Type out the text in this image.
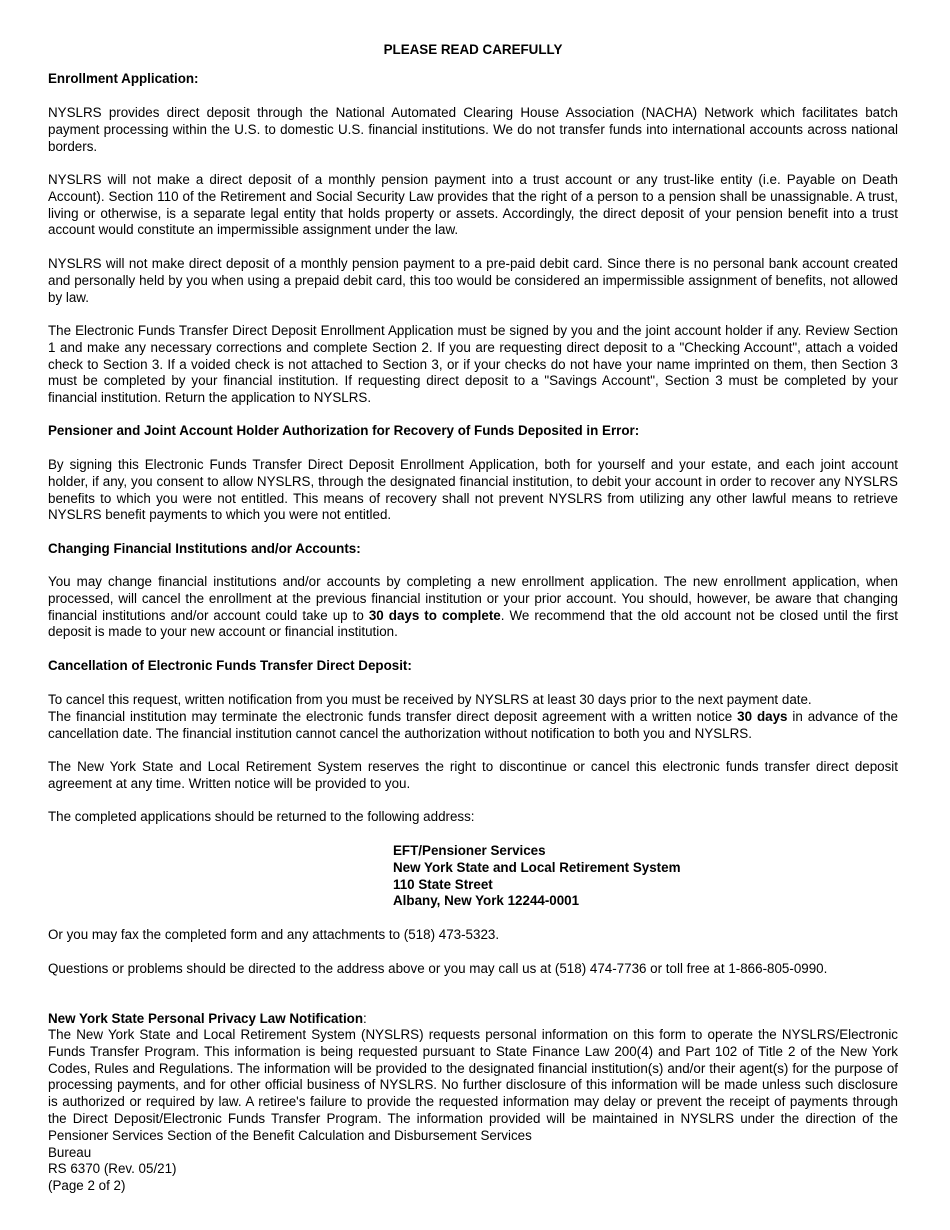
PLEASE READ CAREFULLY
Enrollment Application:
NYSLRS provides direct deposit through the National Automated Clearing House Association (NACHA) Network which facilitates batch payment processing within the U.S. to domestic U.S. financial institutions. We do not transfer funds into international accounts across national borders.
NYSLRS will not make a direct deposit of a monthly pension payment into a trust account or any trust-like entity (i.e. Payable on Death Account). Section 110 of the Retirement and Social Security Law provides that the right of a person to a pension shall be unassignable. A trust, living or otherwise, is a separate legal entity that holds property or assets. Accordingly, the direct deposit of your pension benefit into a trust account would constitute an impermissible assignment under the law.
NYSLRS will not make direct deposit of a monthly pension payment to a pre-paid debit card. Since there is no personal bank account created and personally held by you when using a prepaid debit card, this too would be considered an impermissible assignment of benefits, not allowed by law.
The Electronic Funds Transfer Direct Deposit Enrollment Application must be signed by you and the joint account holder if any. Review Section 1 and make any necessary corrections and complete Section 2. If you are requesting direct deposit to a "Checking Account", attach a voided check to Section 3. If a voided check is not attached to Section 3, or if your checks do not have your name imprinted on them, then Section 3 must be completed by your financial institution. If requesting direct deposit to a "Savings Account", Section 3 must be completed by your financial institution. Return the application to NYSLRS.
Pensioner and Joint Account Holder Authorization for Recovery of Funds Deposited in Error:
By signing this Electronic Funds Transfer Direct Deposit Enrollment Application, both for yourself and your estate, and each joint account holder, if any, you consent to allow NYSLRS, through the designated financial institution, to debit your account in order to recover any NYSLRS benefits to which you were not entitled. This means of recovery shall not prevent NYSLRS from utilizing any other lawful means to retrieve NYSLRS benefit payments to which you were not entitled.
Changing Financial Institutions and/or Accounts:
You may change financial institutions and/or accounts by completing a new enrollment application. The new enrollment application, when processed, will cancel the enrollment at the previous financial institution or your prior account. You should, however, be aware that changing financial institutions and/or account could take up to 30 days to complete. We recommend that the old account not be closed until the first deposit is made to your new account or financial institution.
Cancellation of Electronic Funds Transfer Direct Deposit:
To cancel this request, written notification from you must be received by NYSLRS at least 30 days prior to the next payment date.
The financial institution may terminate the electronic funds transfer direct deposit agreement with a written notice 30 days in advance of the cancellation date. The financial institution cannot cancel the authorization without notification to both you and NYSLRS.
The New York State and Local Retirement System reserves the right to discontinue or cancel this electronic funds transfer direct deposit agreement at any time. Written notice will be provided to you.
The completed applications should be returned to the following address:
EFT/Pensioner Services
New York State and Local Retirement System
110 State Street
Albany, New York 12244-0001
Or you may fax the completed form and any attachments to (518) 473-5323.
Questions or problems should be directed to the address above or you may call us at (518) 474-7736 or toll free at 1-866-805-0990.
New York State Personal Privacy Law Notification:
The New York State and Local Retirement System (NYSLRS) requests personal information on this form to operate the NYSLRS/Electronic Funds Transfer Program. This information is being requested pursuant to State Finance Law 200(4) and Part 102 of Title 2 of the New York Codes, Rules and Regulations. The information will be provided to the designated financial institution(s) and/or their agent(s) for the purpose of processing payments, and for other official business of NYSLRS. No further disclosure of this information will be made unless such disclosure is authorized or required by law. A retiree's failure to provide the requested information may delay or prevent the receipt of payments through the Direct Deposit/Electronic Funds Transfer Program. The information provided will be maintained in NYSLRS under the direction of the Pensioner Services Section of the Benefit Calculation and Disbursement Services
Bureau
RS 6370 (Rev. 05/21)
(Page 2 of 2)
